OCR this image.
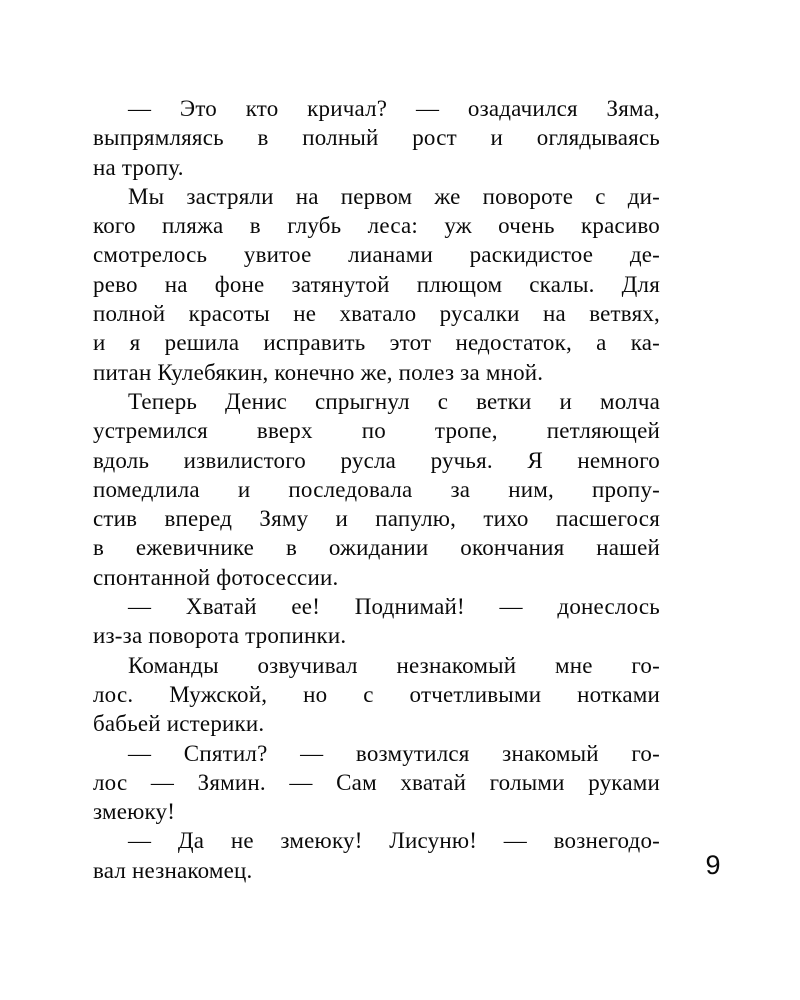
— Это кто кричал? — озадачился Зяма,
выпрямляясь в полный рост и оглядываясь
на тропу.
Мы застряли на первом же повороте с ди-
кого пляжа в глубь леса: уж очень красиво
смотрелось увитое лианами раскидистое де-
рево на фоне затянутой плющом скалы. Для
полной красоты не хватало русалки на ветвях,
и я решила исправить этот недостаток, а ка-
питан Кулебякин, конечно же, полез за мной.
Теперь Денис спрыгнул с ветки и молча
устремился вверх по тропе, петляющей
вдоль извилистого русла ручья. Я немного
помедлила и последовала за ним, пропу-
стив вперед Зяму и папулю, тихо пасшегося
в ежевичнике в ожидании окончания нашей
спонтанной фотосессии.
— Хватай ее! Поднимай! — донеслось
из-за поворота тропинки.
Команды озвучивал незнакомый мне го-
лос. Мужской, но с отчетливыми нотками
бабьей истерики.
— Спятил? — возмутился знакомый го-
лос — Зямин. — Сам хватай голыми руками
змеюку!
— Да не змеюку! Лисуню! — вознегодо-
вал незнакомец.	9
